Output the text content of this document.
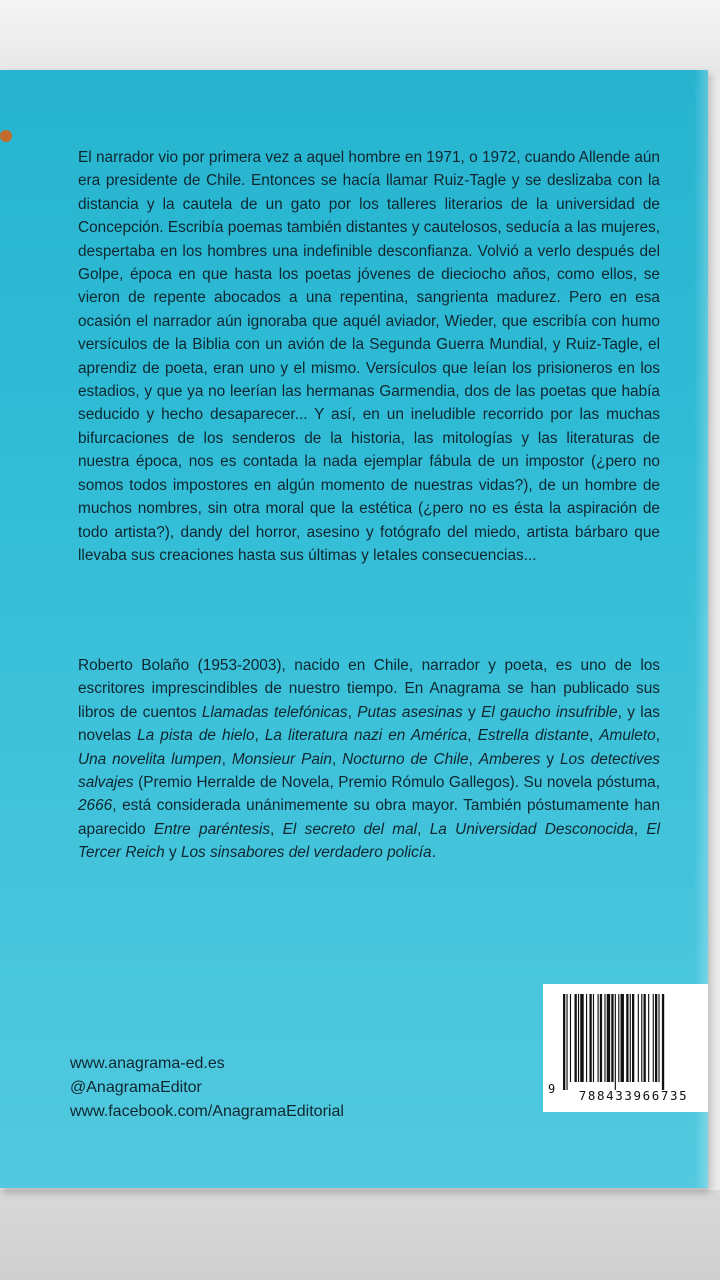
El narrador vio por primera vez a aquel hombre en 1971, o 1972, cuando Allende aún era presidente de Chile. Entonces se hacía llamar Ruiz-Tagle y se deslizaba con la distancia y la cautela de un gato por los talleres literarios de la universidad de Concepción. Escribía poemas también distantes y cautelosos, seducía a las mujeres, despertaba en los hombres una indefinible desconfianza. Volvió a verlo después del Golpe, época en que hasta los poetas jóvenes de dieciocho años, como ellos, se vieron de repente abocados a una repentina, sangrienta madurez. Pero en esa ocasión el narrador aún ignoraba que aquél aviador, Wieder, que escribía con humo versículos de la Biblia con un avión de la Segunda Guerra Mundial, y Ruiz-Tagle, el aprendiz de poeta, eran uno y el mismo. Versículos que leían los prisioneros en los estadios, y que ya no leerían las hermanas Garmendia, dos de las poetas que había seducido y hecho desaparecer... Y así, en un ineludible recorrido por las muchas bifurcaciones de los senderos de la historia, las mitologías y las literaturas de nuestra época, nos es contada la nada ejemplar fábula de un impostor (¿pero no somos todos impostores en algún momento de nuestras vidas?), de un hombre de muchos nombres, sin otra moral que la estética (¿pero no es ésta la aspiración de todo artista?), dandy del horror, asesino y fotógrafo del miedo, artista bárbaro que llevaba sus creaciones hasta sus últimas y letales consecuencias...

Roberto Bolaño (1953-2003), nacido en Chile, narrador y poeta, es uno de los escritores imprescindibles de nuestro tiempo. En Anagrama se han publicado sus libros de cuentos Llamadas telefónicas, Putas asesinas y El gaucho insufrible, y las novelas La pista de hielo, La literatura nazi en América, Estrella distante, Amuleto, Una novelita lumpen, Monsieur Pain, Nocturno de Chile, Amberes y Los detectives salvajes (Premio Herralde de Novela, Premio Rómulo Gallegos). Su novela póstuma, 2666, está considerada unánimemente su obra mayor. También póstumamente han aparecido Entre paréntesis, El secreto del mal, La Universidad Desconocida, El Tercer Reich y Los sinsabores del verdadero policía.

www.anagrama-ed.es
@AnagramaEditor
www.facebook.com/AnagramaEditorial
9	788433966735
